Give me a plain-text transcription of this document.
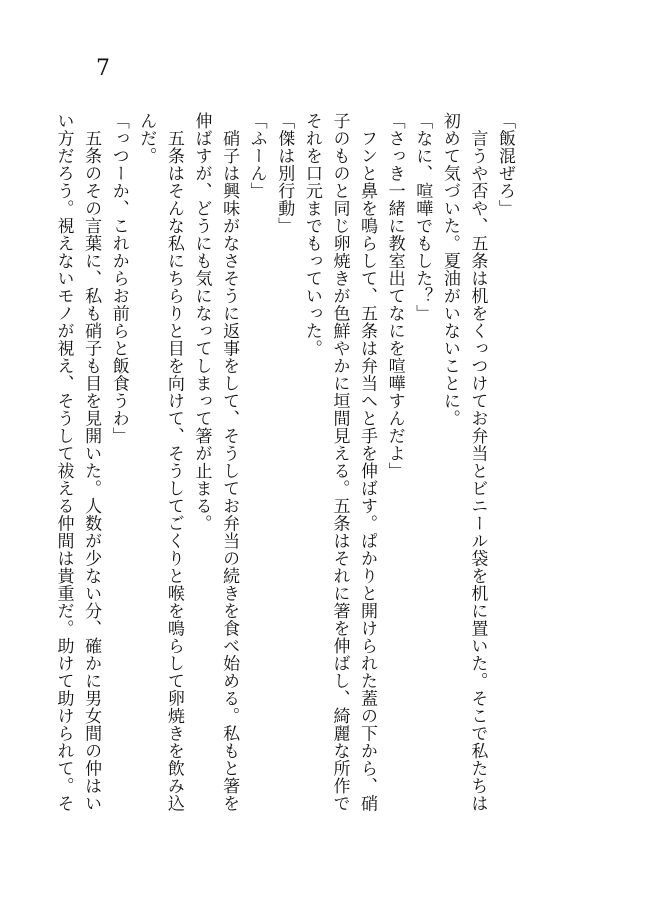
7
「飯混ぜろ」
　言うや否や、五条は机をくっつけてお弁当とビニール袋を机に置いた。そこで私たちは
初めて気づいた。夏油がいないことに。
「なに、喧嘩でもした？」
「さっき一緒に教室出てなにを喧嘩すんだよ」
　フンと鼻を鳴らして、五条は弁当へと手を伸ばす。ぱかりと開けられた蓋の下から、硝
子のものと同じ卵焼きが色鮮やかに垣間見える。五条はそれに箸を伸ばし、綺麗な所作で
それを口元までもっていった。
「傑は別行動」
「ふーん」
　硝子は興味がなさそうに返事をして、そうしてお弁当の続きを食べ始める。私もと箸を
伸ばすが、どうにも気になってしまって箸が止まる。
　五条はそんな私にちらりと目を向けて、そうしてごくりと喉を鳴らして卵焼きを飲み込
んだ。
「っつーか、これからお前らと飯食うわ」
　五条のその言葉に、私も硝子も目を見開いた。人数が少ない分、確かに男女間の仲はい
い方だろう。視えないモノが視え、そうして祓える仲間は貴重だ。助けて助けられて。そ
